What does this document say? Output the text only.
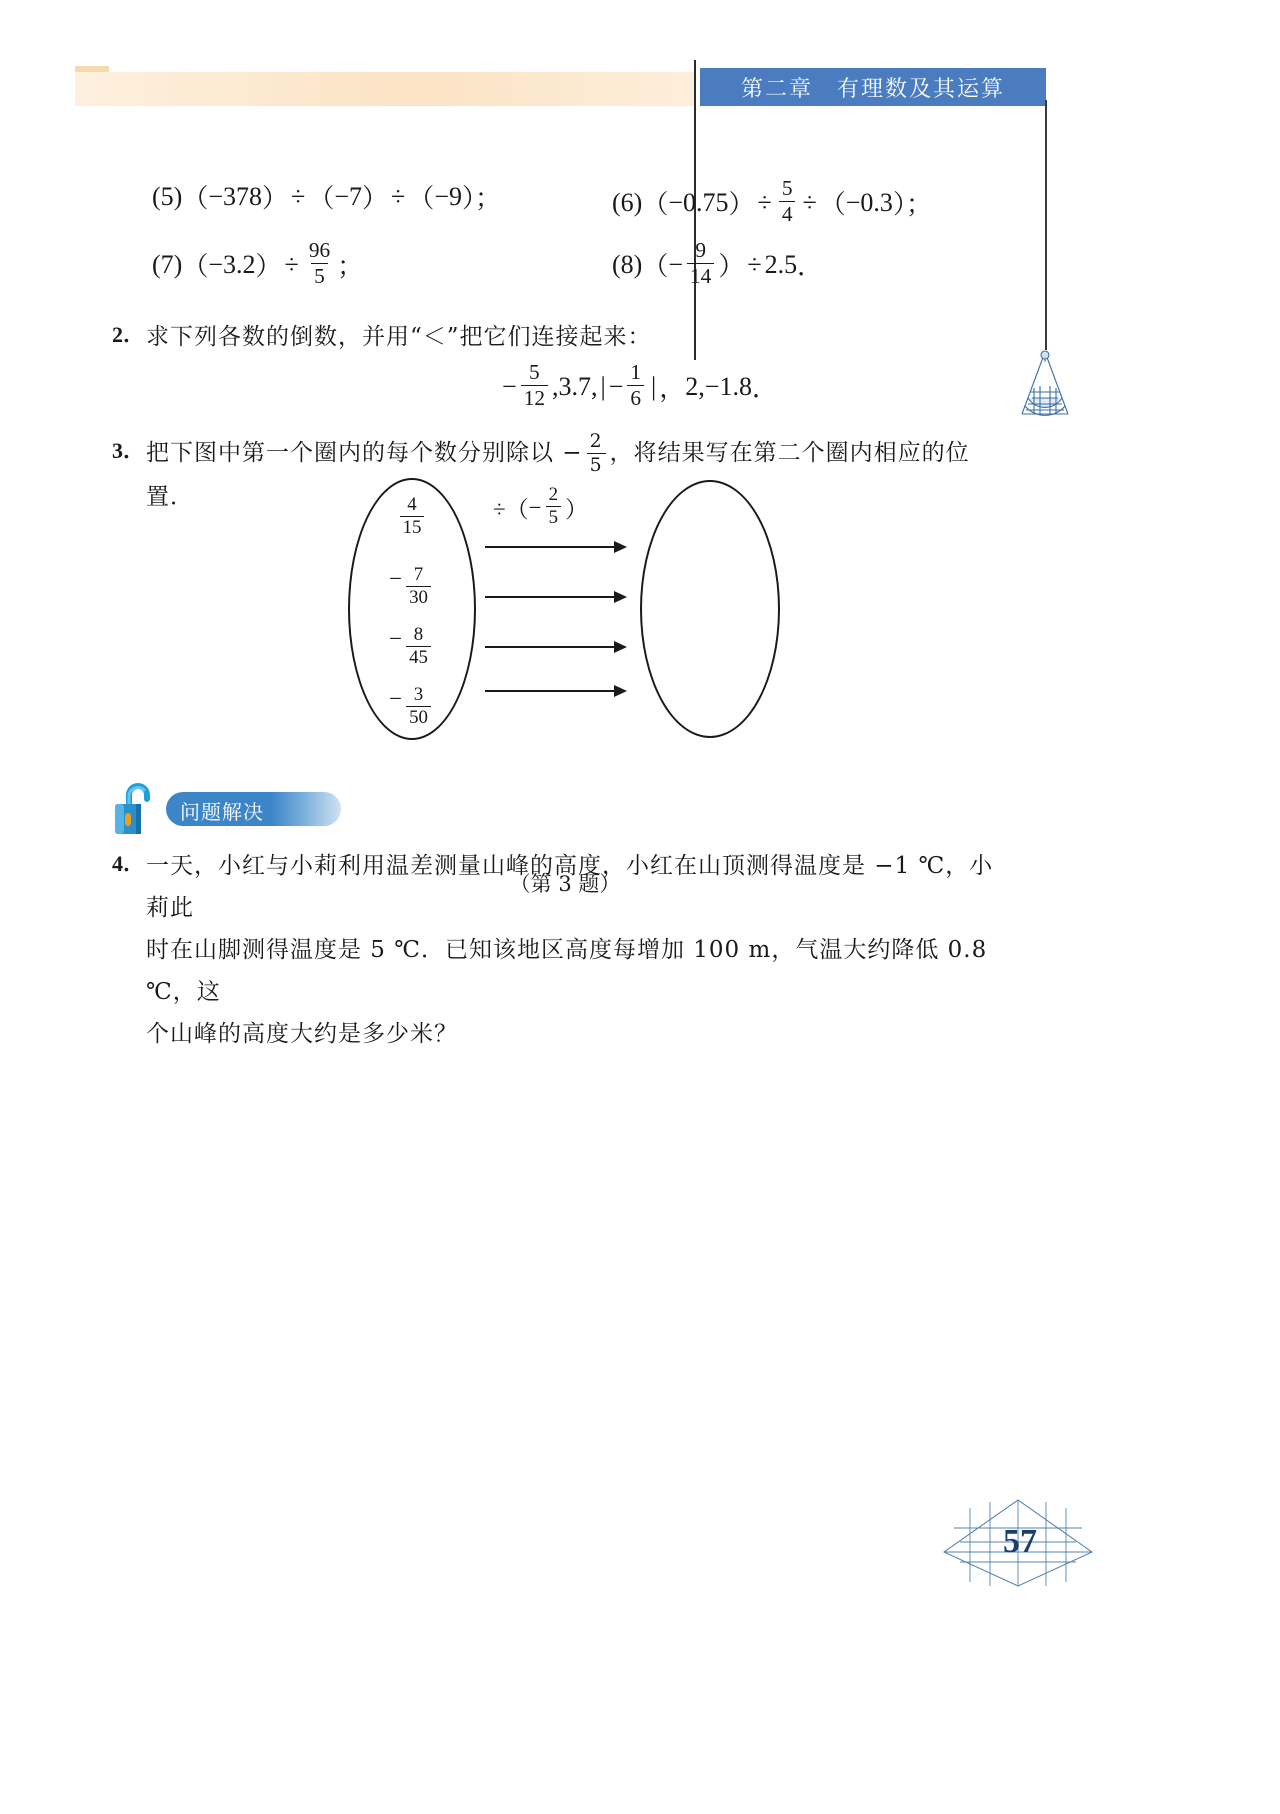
第二章　有理数及其运算
(5) （ −378 ） ÷ （ −7 ） ÷ （ −9 ）；	(6) （ −0.75 ） ÷ $\frac{5}{4}$ ÷ （ −0.3 ）；
(7) （ −3.2 ） ÷ $\frac{96}{5}$ ；	(8) （ − $\frac{9}{14}$ ） ÷ 2.5 ．
2． 求下列各数的倒数，并用“＜”把它们连接起来：
− $\frac{5}{12}$ , 3.7 , | − $\frac{1}{6}$ | ， 2 , −1.8 ．
3． 把下图中第一个圈内的每个数分别除以 − $\frac{2}{5}$ ，将结果写在第二个圈内相应的位置．	÷（ − $\frac{2}{5}$ ）
$\frac{4}{15}$
− $\frac{7}{30}$
− $\frac{8}{45}$
− $\frac{3}{50}$
（第 3 题）
问题解决
4． 一天，小红与小莉利用温差测量山峰的高度，小红在山顶测得温度是 −1 ℃，小莉此
时在山脚测得温度是 5 ℃．已知该地区高度每增加 100 m，气温大约降低 0.8 ℃，这
个山峰的高度大约是多少米？
57
